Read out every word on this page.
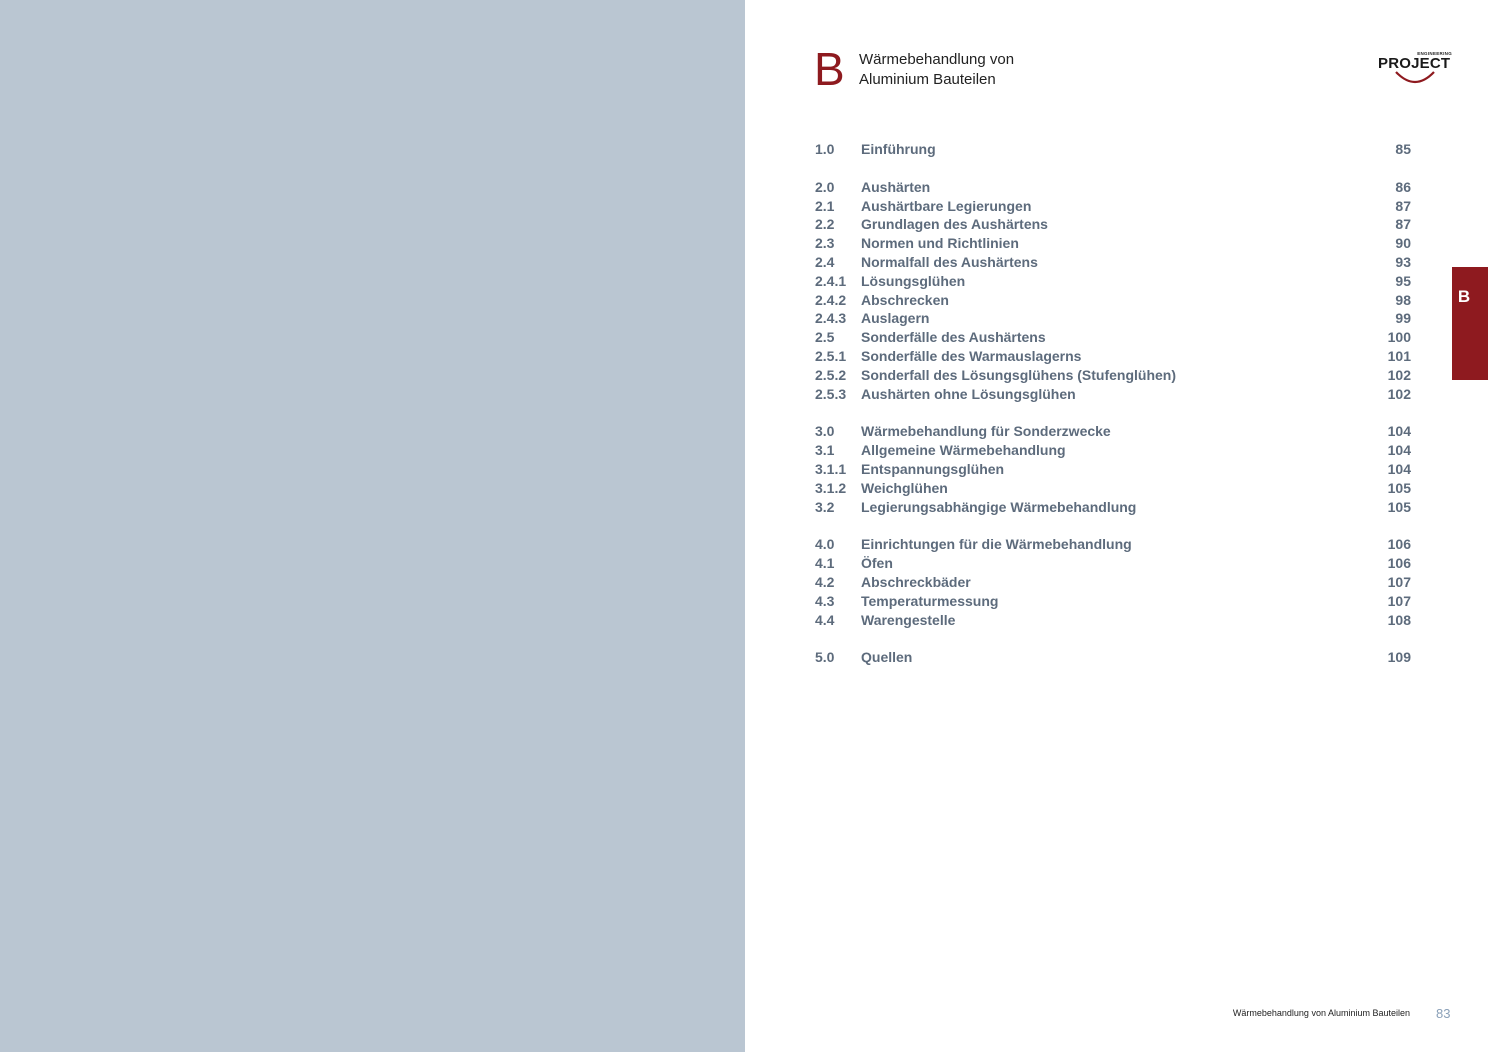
B Wärmebehandlung von
Aluminium Bauteilen
ENGINEERING
PROJECT
1.0 Einführung	85
2.0 Aushärten	86
2.1 Aushärtbare Legierungen	87
2.2 Grundlagen des Aushärtens	87
2.3 Normen und Richtlinien	90
2.4 Normalfall des Aushärtens	93
2.4.1 Lösungsglühen	95
2.4.2 Abschrecken	98
2.4.3 Auslagern	99
2.5 Sonderfälle des Aushärtens	100
2.5.1 Sonderfälle des Warmauslagerns	101
2.5.2 Sonderfall des Lösungsglühens (Stufenglühen)	102
2.5.3 Aushärten ohne Lösungsglühen	102
3.0 Wärmebehandlung für Sonderzwecke	104
3.1 Allgemeine Wärmebehandlung	104
3.1.1 Entspannungsglühen	104
3.1.2 Weichglühen	105
3.2 Legierungsabhängige Wärmebehandlung	105
4.0 Einrichtungen für die Wärmebehandlung	106
4.1 Öfen	106
4.2 Abschreckbäder	107
4.3 Temperaturmessung	107
4.4 Warengestelle	108
5.0 Quellen	109
B
Wärmebehandlung von Aluminium Bauteilen 83
